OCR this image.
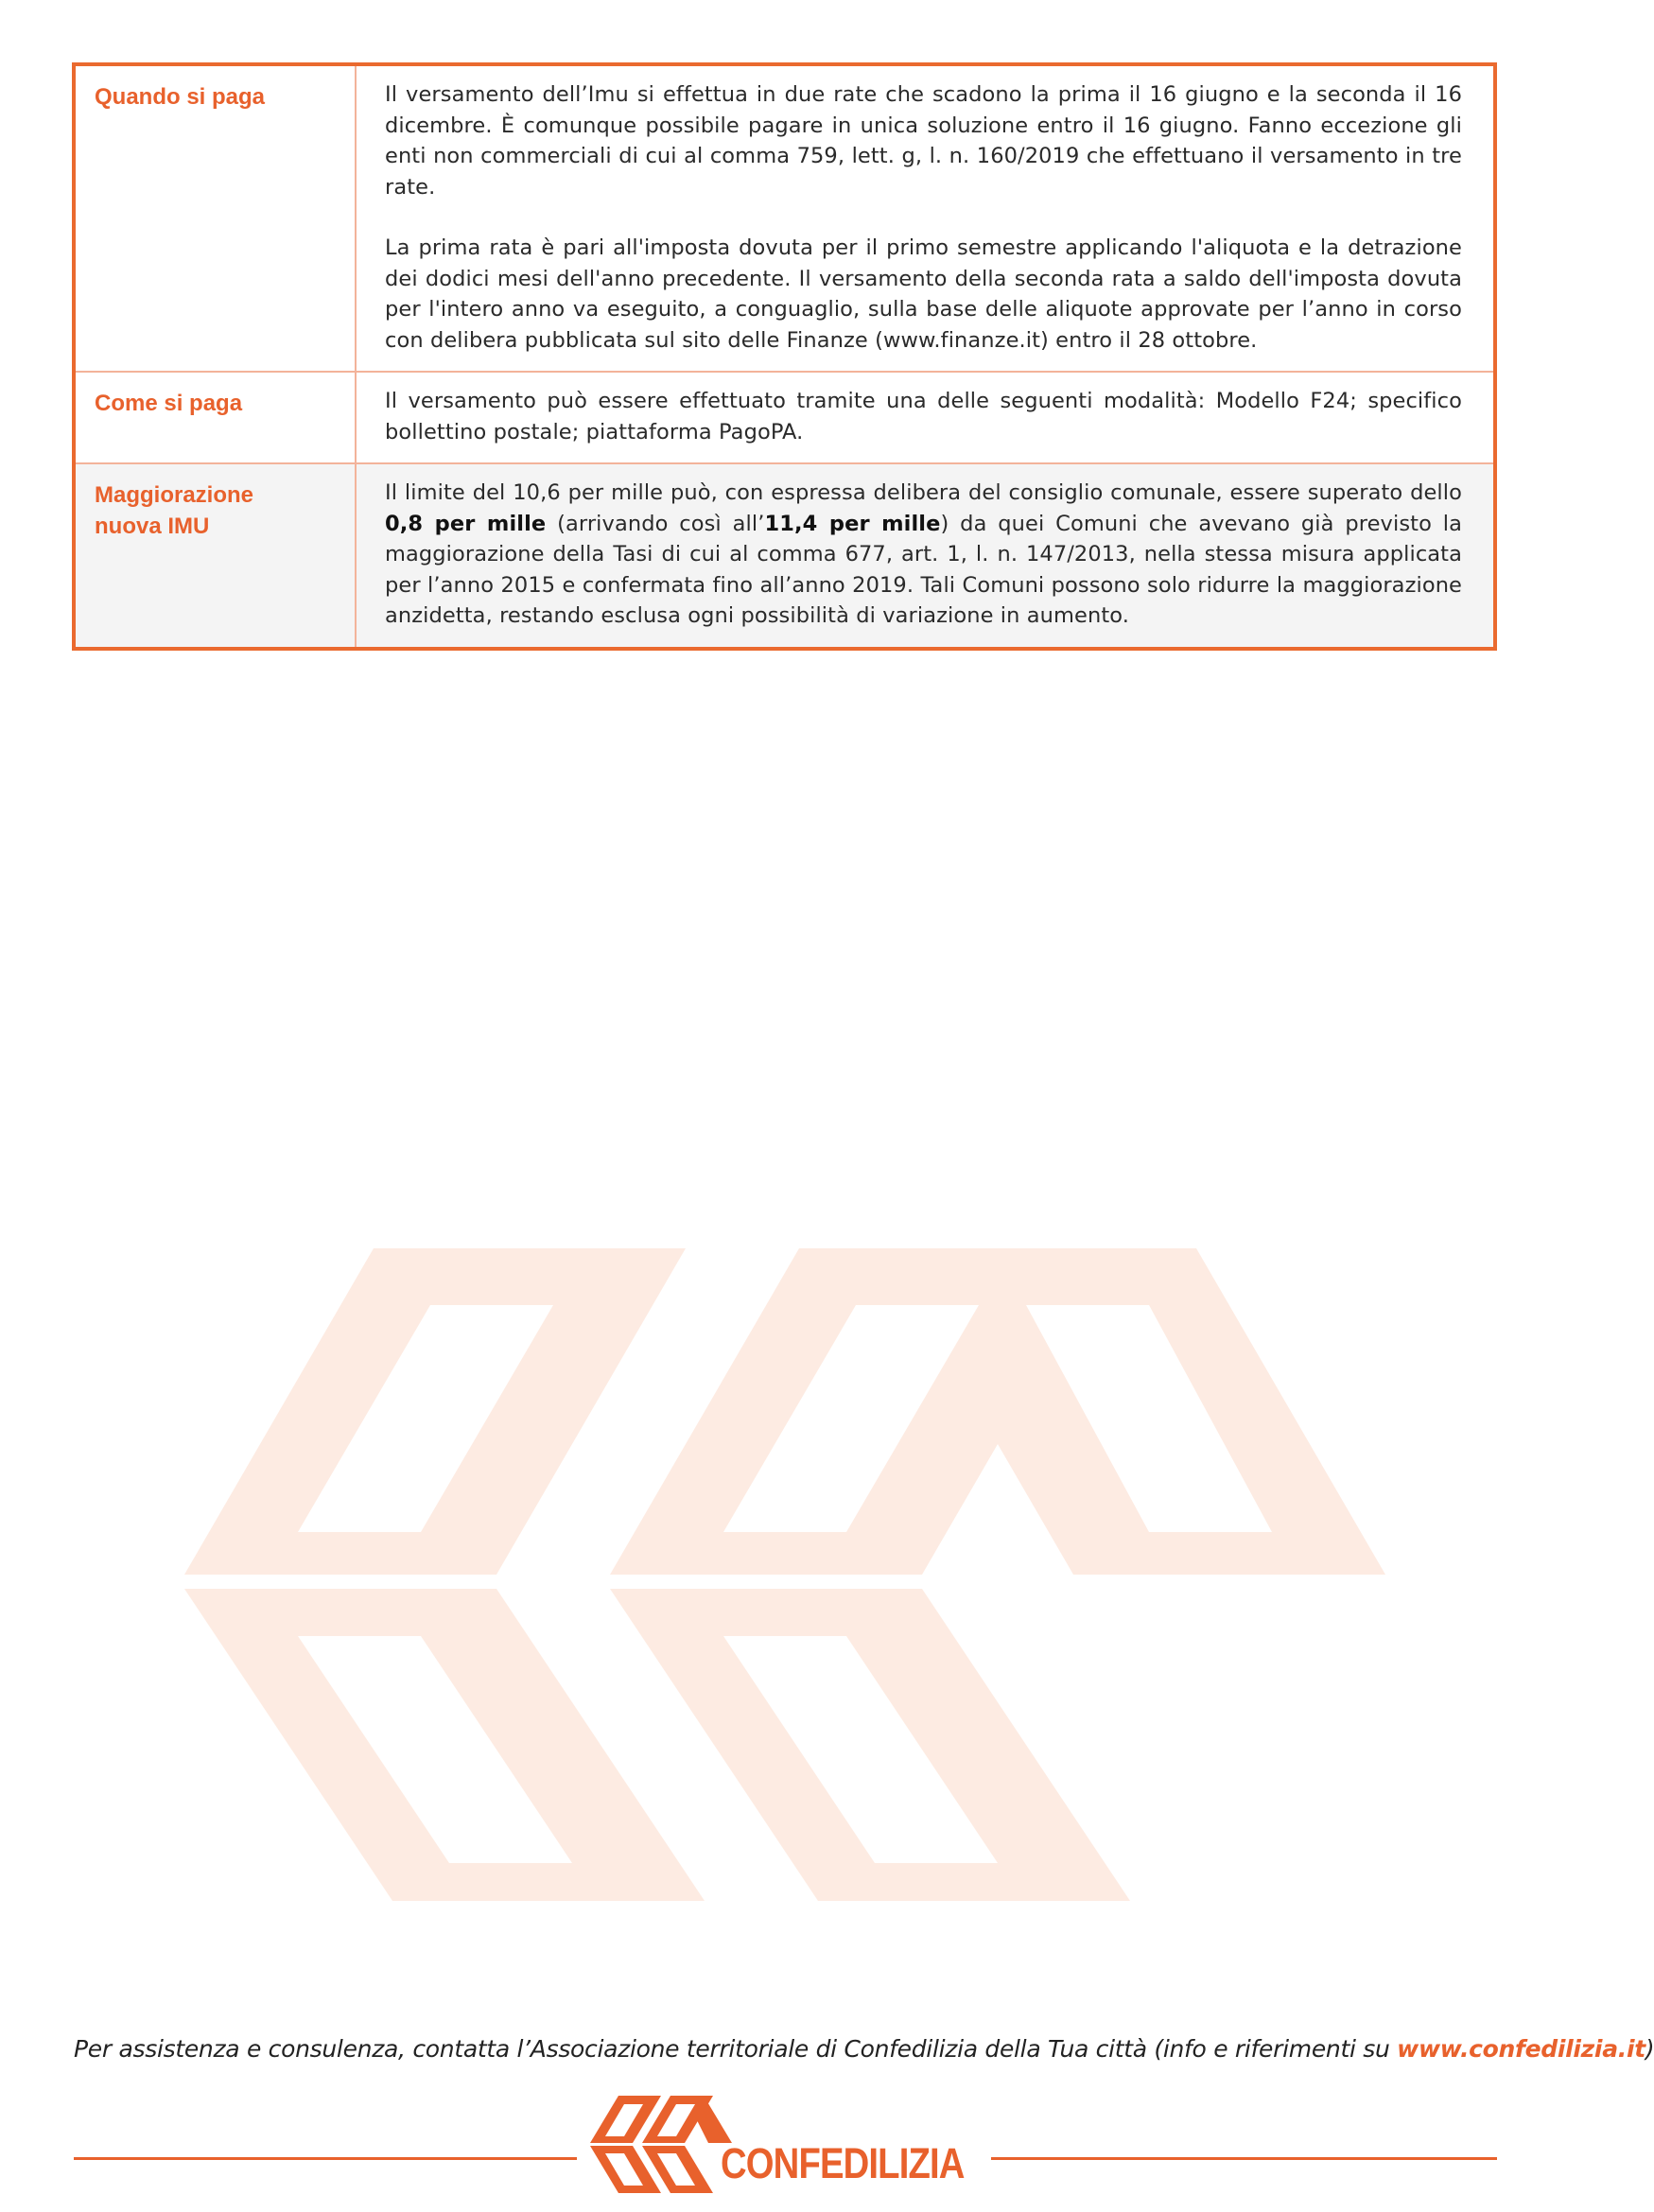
Quando si paga	Il versamento dell’Imu si effettua in due rate che scadono la prima il 16 giugno e la seconda il 16 dicembre. È comunque possibile pagare in unica soluzione entro il 16 giugno. Fanno eccezione gli enti non commerciali di cui al comma 759, lett. g, l. n. 160/2019 che effettuano il versamento in tre rate.

La prima rata è pari all'imposta dovuta per il primo semestre applicando l'aliquota e la detrazione dei dodici mesi dell'anno precedente. Il versamento della seconda rata a saldo dell'imposta dovuta per l'intero anno va eseguito, a conguaglio, sulla base delle aliquote approvate per l’anno in corso con delibera pubblicata sul sito delle Finanze (www.finanze.it) entro il 28 ottobre.

Come si paga	Il versamento può essere effettuato tramite una delle seguenti modalità: Modello F24; specifico bollettino postale; piattaforma PagoPA.

Maggiorazione
nuova IMU

Il limite del 10,6 per mille può, con espressa delibera del consiglio comunale, essere superato dello 0,8 per mille (arrivando così all’11,4 per mille) da quei Comuni che avevano già previsto la maggiorazione della Tasi di cui al comma 677, art. 1, l. n. 147/2013, nella stessa misura applicata per l’anno 2015 e confermata fino all’anno 2019. Tali Comuni possono solo ridurre la maggiorazione anzidetta, restando esclusa ogni possibilità di variazione in aumento.

Per assistenza e consulenza, contatta l’Associazione territoriale di Confedilizia della Tua città (info e riferimenti su www.confedilizia.it)
CONFEDILIZIA
